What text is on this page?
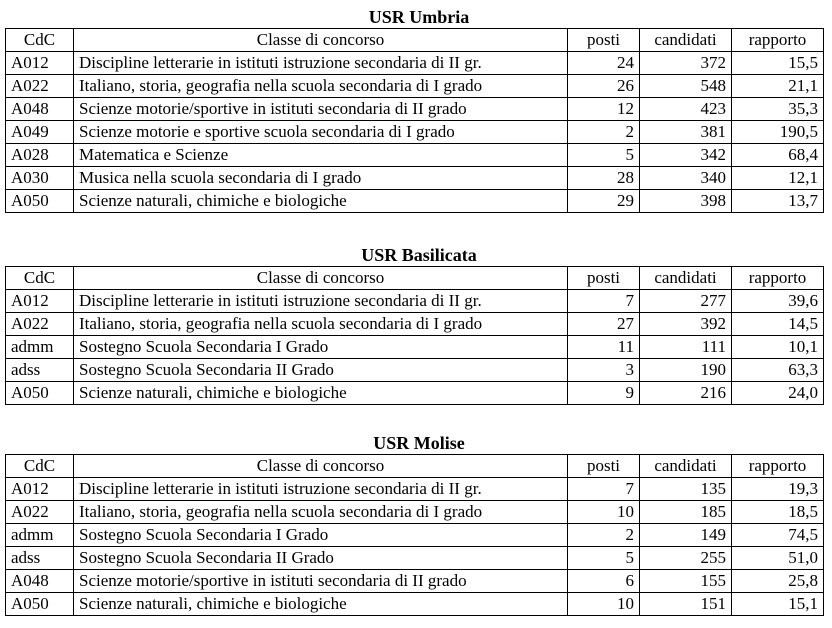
USR Umbria
CdC	Classe di concorso	posti	candidati	rapporto
A012	Discipline letterarie in istituti istruzione secondaria di II gr.	24	372	15,5
A022	Italiano, storia, geografia nella scuola secondaria di I grado	26	548	21,1
A048	Scienze motorie/sportive in istituti secondaria di II grado	12	423	35,3
A049	Scienze motorie e sportive scuola secondaria di I grado	2	381	190,5
A028	Matematica e Scienze	5	342	68,4
A030	Musica nella scuola secondaria di I grado	28	340	12,1
A050	Scienze naturali, chimiche e biologiche	29	398	13,7
USR Basilicata
CdC	Classe di concorso	posti	candidati	rapporto
A012	Discipline letterarie in istituti istruzione secondaria di II gr.	7	277	39,6
A022	Italiano, storia, geografia nella scuola secondaria di I grado	27	392	14,5
admm	Sostegno Scuola Secondaria I Grado	11	111	10,1
adss	Sostegno Scuola Secondaria II Grado	3	190	63,3
A050	Scienze naturali, chimiche e biologiche	9	216	24,0
USR Molise
CdC	Classe di concorso	posti	candidati	rapporto
A012	Discipline letterarie in istituti istruzione secondaria di II gr.	7	135	19,3
A022	Italiano, storia, geografia nella scuola secondaria di I grado	10	185	18,5
admm	Sostegno Scuola Secondaria I Grado	2	149	74,5
adss	Sostegno Scuola Secondaria II Grado	5	255	51,0
A048	Scienze motorie/sportive in istituti secondaria di II grado	6	155	25,8
A050	Scienze naturali, chimiche e biologiche	10	151	15,1
